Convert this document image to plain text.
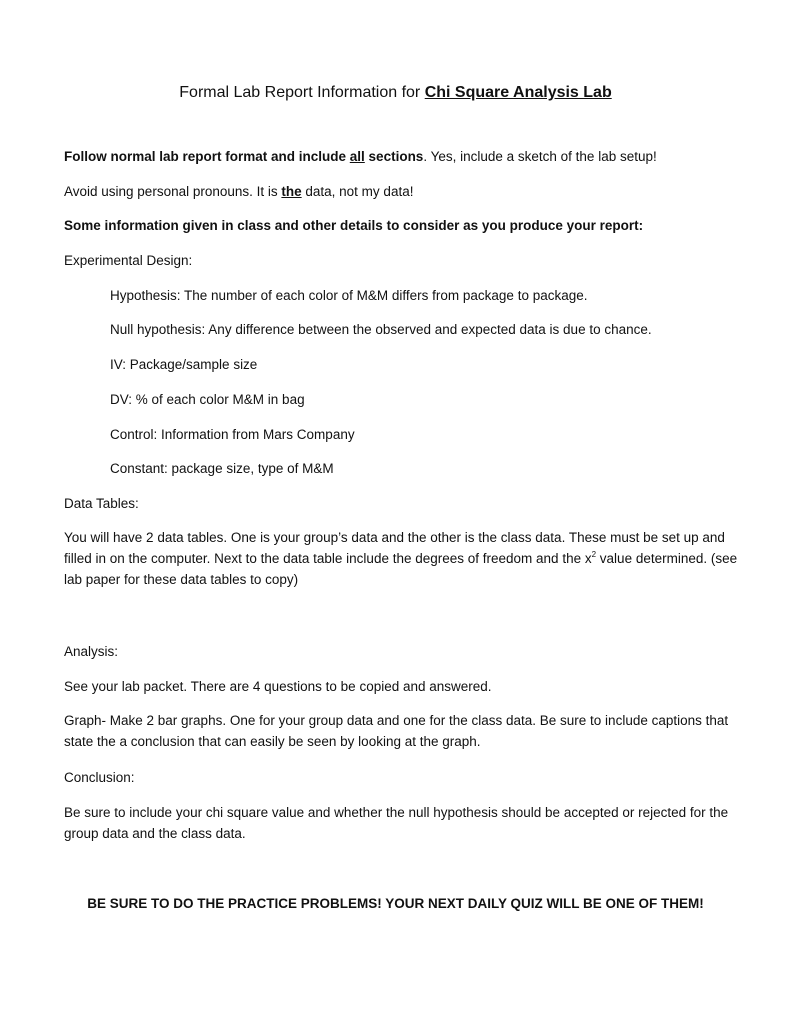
Formal Lab Report Information for Chi Square Analysis Lab

Follow normal lab report format and include all sections. Yes, include a sketch of the lab setup!

Avoid using personal pronouns. It is the data, not my data!

Some information given in class and other details to consider as you produce your report:

Experimental Design:

Hypothesis: The number of each color of M&M differs from package to package.

Null hypothesis: Any difference between the observed and expected data is due to chance.

IV: Package/sample size

DV: % of each color M&M in bag

Control: Information from Mars Company

Constant: package size, type of M&M

Data Tables:

You will have 2 data tables. One is your group’s data and the other is the class data. These must be set up and filled in on the computer. Next to the data table include the degrees of freedom and the $x^2$ value determined. (see lab paper for these data tables to copy)

Analysis:

See your lab packet. There are 4 questions to be copied and answered.

Graph- Make 2 bar graphs. One for your group data and one for the class data. Be sure to include captions that state the a conclusion that can easily be seen by looking at the graph.

Conclusion:

Be sure to include your chi square value and whether the null hypothesis should be accepted or rejected for the group data and the class data.

BE SURE TO DO THE PRACTICE PROBLEMS! YOUR NEXT DAILY QUIZ WILL BE ONE OF THEM!
